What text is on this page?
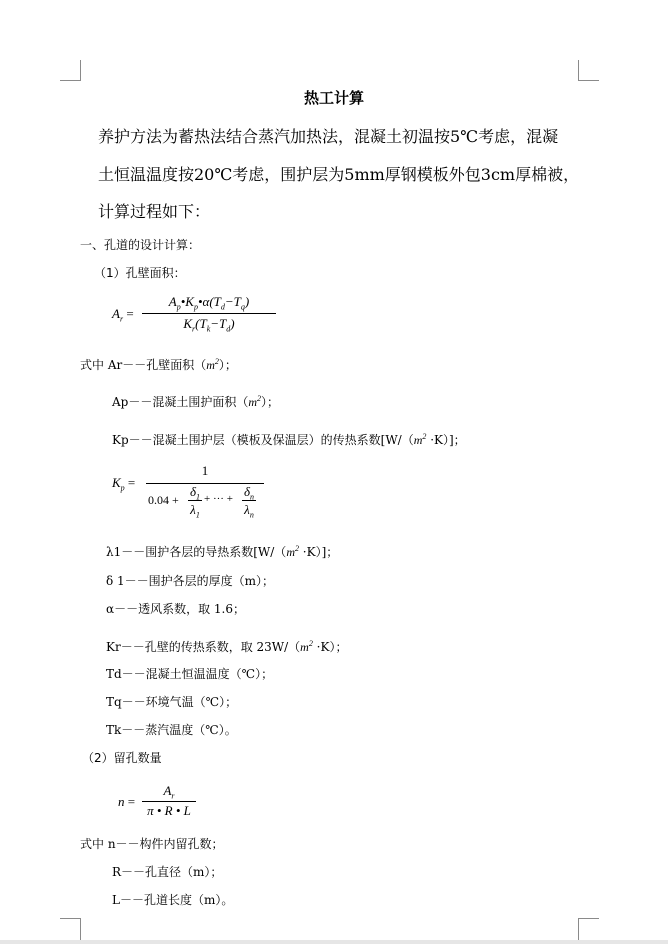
热工计算
养护方法为蓄热法结合蒸汽加热法，混凝土初温按5℃考虑，混凝
土恒温温度按20℃考虑，围护层为5mm厚钢模板外包3cm厚棉被，
计算过程如下：
一、孔道的设计计算：
（1）孔壁面积：
$A_r$ =
$A_p•K_p•\alpha(T_d-T_q)$
$K_r(T_k-T_d)$
式中 Ar－－孔壁面积$(m^2)$；
Ap－－混凝土围护面积$(m^2)$；
Kp－－混凝土围护层（模板及保温层）的传热系数$[W/(m^2 \cdot K)]$；
$K_p$ =
1
0.04 +
$\delta_1$
$\lambda_1$
+ ··· + $\delta_n$
$\lambda_n$
λ1－－围护各层的导热系数$[W/(m^2 \cdot K)]$；
δ 1－－围护各层的厚度（m）；
α－－透风系数，取 1.6；
Kr－－孔壁的传热系数，取 $23W/(m^2 \cdot K)$；
Td－－混凝土恒温温度（℃）；
Tq－－环境气温（℃）；
Tk－－蒸汽温度（℃）。
（2）留孔数量
n =
$A_r$
π • R • L
式中 n－－构件内留孔数；
R－－孔直径（m）；
L－－孔道长度（m）。
